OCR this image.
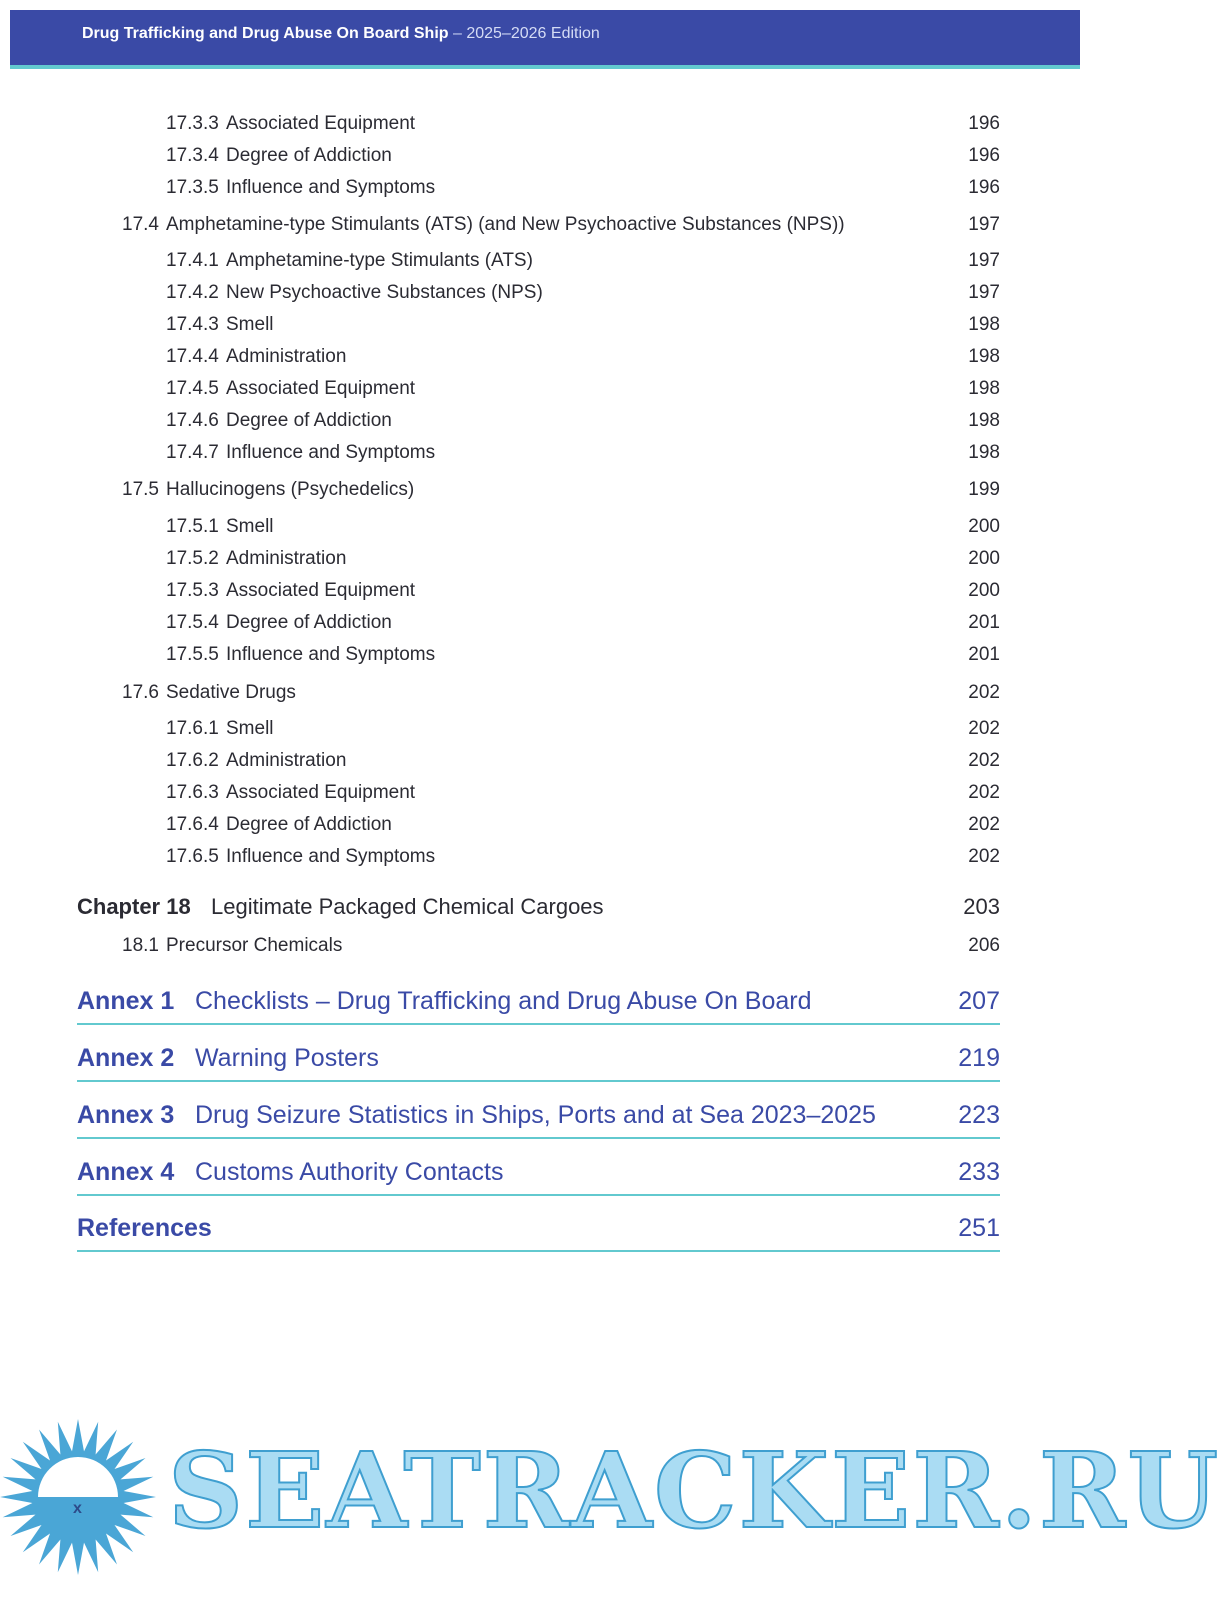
Drug Trafficking and Drug Abuse On Board Ship – 2025–2026 Edition
17.3.3 Associated Equipment	196
17.3.4 Degree of Addiction	196
17.3.5 Influence and Symptoms	196
17.4 Amphetamine-type Stimulants (ATS) (and New Psychoactive Substances (NPS))	197
17.4.1 Amphetamine-type Stimulants (ATS)	197
17.4.2 New Psychoactive Substances (NPS)	197
17.4.3 Smell	198
17.4.4 Administration	198
17.4.5 Associated Equipment	198
17.4.6 Degree of Addiction	198
17.4.7 Influence and Symptoms	198
17.5 Hallucinogens (Psychedelics)	199
17.5.1 Smell	200
17.5.2 Administration	200
17.5.3 Associated Equipment	200
17.5.4 Degree of Addiction	201
17.5.5 Influence and Symptoms	201
17.6 Sedative Drugs	202
17.6.1 Smell	202
17.6.2 Administration	202
17.6.3 Associated Equipment	202
17.6.4 Degree of Addiction	202
17.6.5 Influence and Symptoms	202
Chapter 18 Legitimate Packaged Chemical Cargoes	203
18.1 Precursor Chemicals	206
Annex 1 Checklists – Drug Trafficking and Drug Abuse On Board	207
Annex 2 Warning Posters	219
Annex 3 Drug Seizure Statistics in Ships, Ports and at Sea 2023–2025	223
Annex 4 Customs Authority Contacts	233
References	251
SEATRACKER.RU
x
